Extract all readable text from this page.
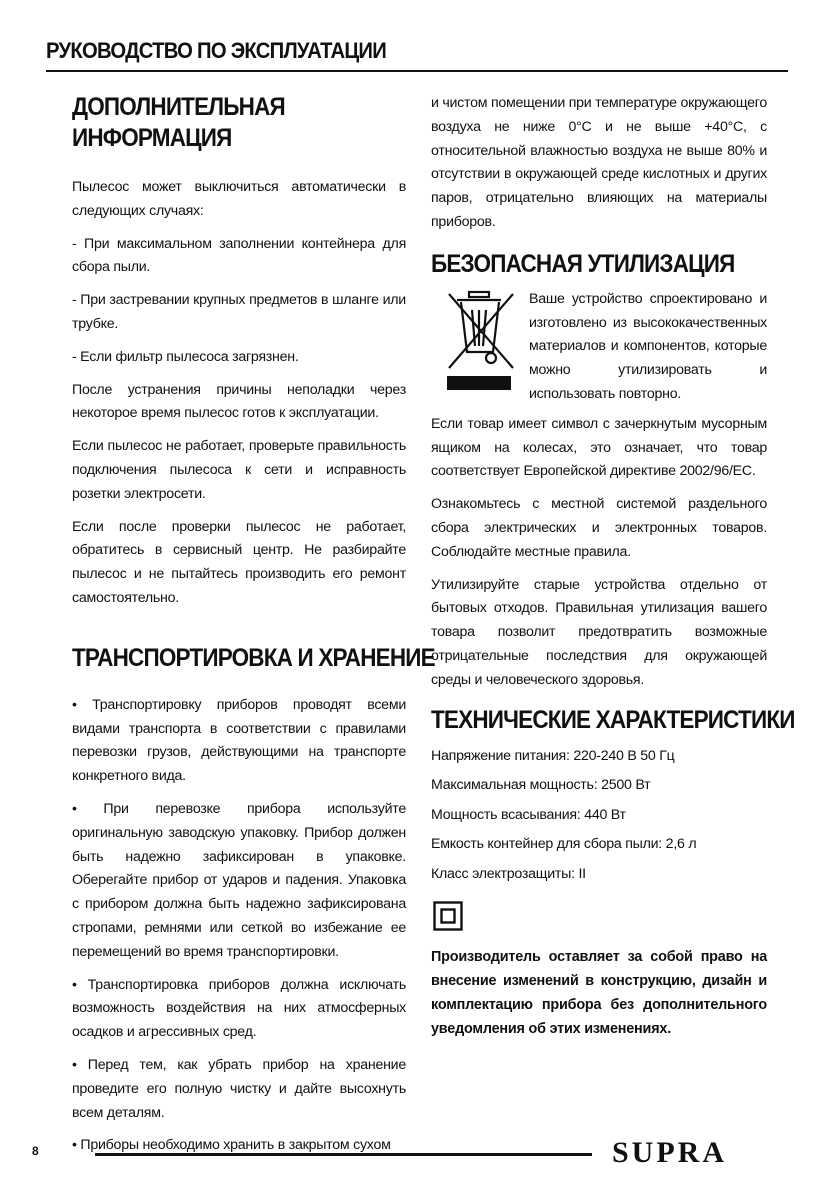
РУКОВОДСТВО ПО ЭКСПЛУАТАЦИИ
ДОПОЛНИТЕЛЬНАЯ
ИНФОРМАЦИЯ

Пылесос может выключиться автоматически в следующих случаях:

- При максимальном заполнении контейнера для сбора пыли.

- При застревании крупных предметов в шланге или трубке.

- Если фильтр пылесоса загрязнен.

После устранения причины неполадки через некоторое время пылесос готов к эксплуатации.

Если пылесос не работает, проверьте правильность подключения пылесоса к сети и исправность розетки электросети.

Если после проверки пылесос не работает, обратитесь в сервисный центр. Не разбирайте пылесос и не пытайтесь производить его ремонт самостоятельно.

ТРАНСПОРТИРОВКА И ХРАНЕНИЕ

• Транспортировку приборов проводят всеми видами транспорта в соответствии с правилами перевозки грузов, действующими на транспорте конкретного вида.

• При перевозке прибора используйте оригинальную заводскую упаковку. Прибор должен быть надежно зафиксирован в упаковке. Оберегайте прибор от ударов и падения. Упаковка с прибором должна быть надежно зафиксирована стропами, ремнями или сеткой во избежание ее перемещений во время транспортировки.

• Транспортировка приборов должна исключать возможность воздействия на них атмосферных осадков и агрессивных сред.

• Перед тем, как убрать прибор на хранение проведите его полную чистку и дайте высохнуть всем деталям.

• Приборы необходимо хранить в закрытом сухом

и чистом помещении при температуре окружающего воздуха не ниже 0°С и не выше +40°С, с относительной влажностью воздуха не выше 80% и отсутствии в окружающей среде кислотных и других паров, отрицательно влияющих на материалы приборов.

БЕЗОПАСНАЯ УТИЛИЗАЦИЯ

Ваше устройство спроектировано и изготовлено из высококачественных материалов и компонентов, которые можно утилизировать и использовать повторно.

Если товар имеет символ с зачеркнутым мусорным ящиком на колесах, это означает, что товар соответствует Европейской директиве 2002/96/EC.

Ознакомьтесь с местной системой раздельного сбора электрических и электронных товаров. Соблюдайте местные правила.

Утилизируйте старые устройства отдельно от бытовых отходов. Правильная утилизация вашего товара позволит предотвратить возможные отрицательные последствия для окружающей среды и человеческого здоровья.

ТЕХНИЧЕСКИЕ ХАРАКТЕРИСТИКИ

Напряжение питания: 220-240 В 50 Гц

Максимальная мощность: 2500 Вт

Мощность всасывания: 440 Вт

Емкость контейнер для сбора пыли: 2,6 л

Класс электрозащиты: II

Производитель оставляет за собой право на внесение изменений в конструкцию, дизайн и комплектацию прибора без дополнительного уведомления об этих изменениях.
8	SUPRA
